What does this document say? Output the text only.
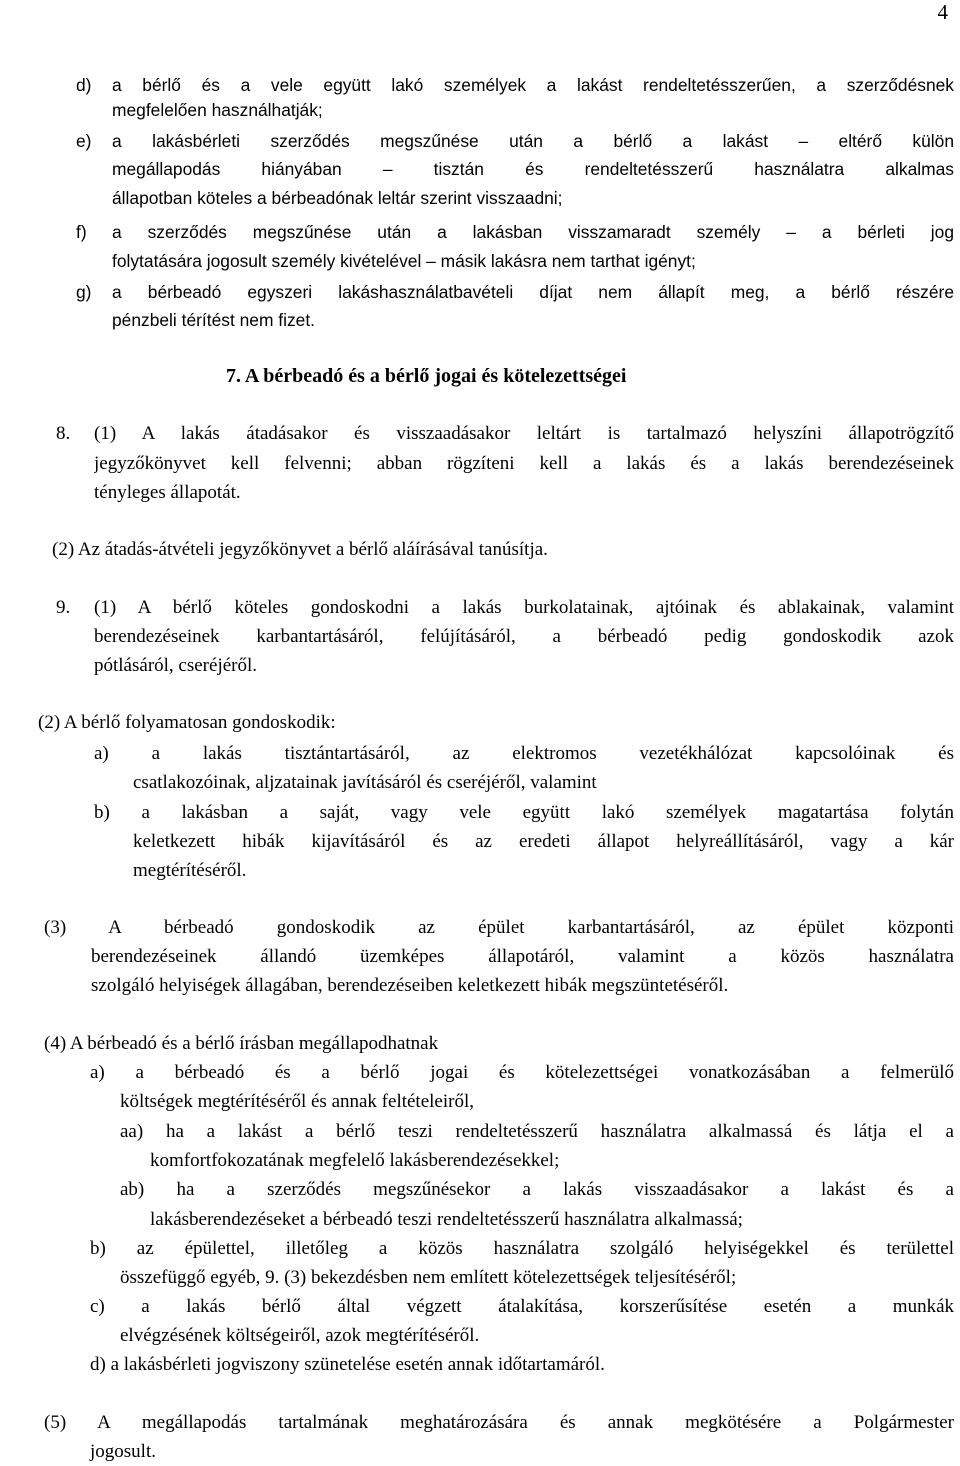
4
d) a bérlő és a vele együtt lakó személyek a lakást rendeltetésszerűen, a szerződésnek
megfelelően használhatják;
e) a lakásbérleti szerződés megszűnése után a bérlő a lakást – eltérő külön
megállapodás hiányában – tisztán és rendeltetésszerű használatra alkalmas
állapotban köteles a bérbeadónak leltár szerint visszaadni;
f) a szerződés megszűnése után a lakásban visszamaradt személy – a bérleti jog
folytatására jogosult személy kivételével – másik lakásra nem tarthat igényt;
g) a bérbeadó egyszeri lakáshasználatbavételi díjat nem állapít meg, a bérlő részére
pénzbeli térítést nem fizet.
7. A bérbeadó és a bérlő jogai és kötelezettségei
8. (1) A lakás átadásakor és visszaadásakor leltárt is tartalmazó helyszíni állapotrögzítő
jegyzőkönyvet kell felvenni; abban rögzíteni kell a lakás és a lakás berendezéseinek
tényleges állapotát.
(2) Az átadás-átvételi jegyzőkönyvet a bérlő aláírásával tanúsítja.
9. (1) A bérlő köteles gondoskodni a lakás burkolatainak, ajtóinak és ablakainak, valamint
berendezéseinek karbantartásáról, felújításáról, a bérbeadó pedig gondoskodik azok
pótlásáról, cseréjéről.
(2) A bérlő folyamatosan gondoskodik:
a) a lakás tisztántartásáról, az elektromos vezetékhálózat kapcsolóinak és
csatlakozóinak, aljzatainak javításáról és cseréjéről, valamint
b) a lakásban a saját, vagy vele együtt lakó személyek magatartása folytán
keletkezett hibák kijavításáról és az eredeti állapot helyreállításáról, vagy a kár
megtérítéséről.
(3) A bérbeadó gondoskodik az épület karbantartásáról, az épület központi
berendezéseinek állandó üzemképes állapotáról, valamint a közös használatra
szolgáló helyiségek állagában, berendezéseiben keletkezett hibák megszüntetéséről.
(4) A bérbeadó és a bérlő írásban megállapodhatnak
a) a bérbeadó és a bérlő jogai és kötelezettségei vonatkozásában a felmerülő
költségek megtérítéséről és annak feltételeiről,
aa) ha a lakást a bérlő teszi rendeltetésszerű használatra alkalmassá és látja el a
komfortfokozatának megfelelő lakásberendezésekkel;
ab) ha a szerződés megszűnésekor a lakás visszaadásakor a lakást és a
lakásberendezéseket a bérbeadó teszi rendeltetésszerű használatra alkalmassá;
b) az épülettel, illetőleg a közös használatra szolgáló helyiségekkel és területtel
összefüggő egyéb, 9. (3) bekezdésben nem említett kötelezettségek teljesítéséről;
c) a lakás bérlő által végzett átalakítása, korszerűsítése esetén a munkák
elvégzésének költségeiről, azok megtérítéséről.
d) a lakásbérleti jogviszony szünetelése esetén annak időtartamáról.
(5) A megállapodás tartalmának meghatározására és annak megkötésére a Polgármester
jogosult.
